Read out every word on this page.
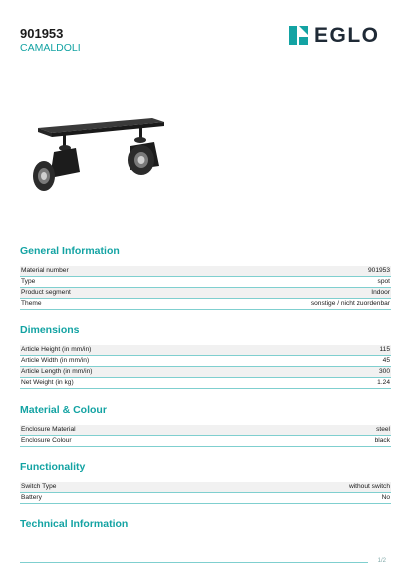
901953

CAMALDOLI

EGLO
General Information
Material number	901953
Type	spot
Product segment	Indoor
Theme	sonstige / nicht zuordenbar
Dimensions
Article Height (in mm/in)	115
Article Width (in mm/in)	45
Article Length (in mm/in)	300
Net Weight (in kg)	1.24
Material & Colour
Enclosure Material	steel
Enclosure Colour	black
Functionality
Switch Type	without switch
Battery	No
Technical Information
1/2
